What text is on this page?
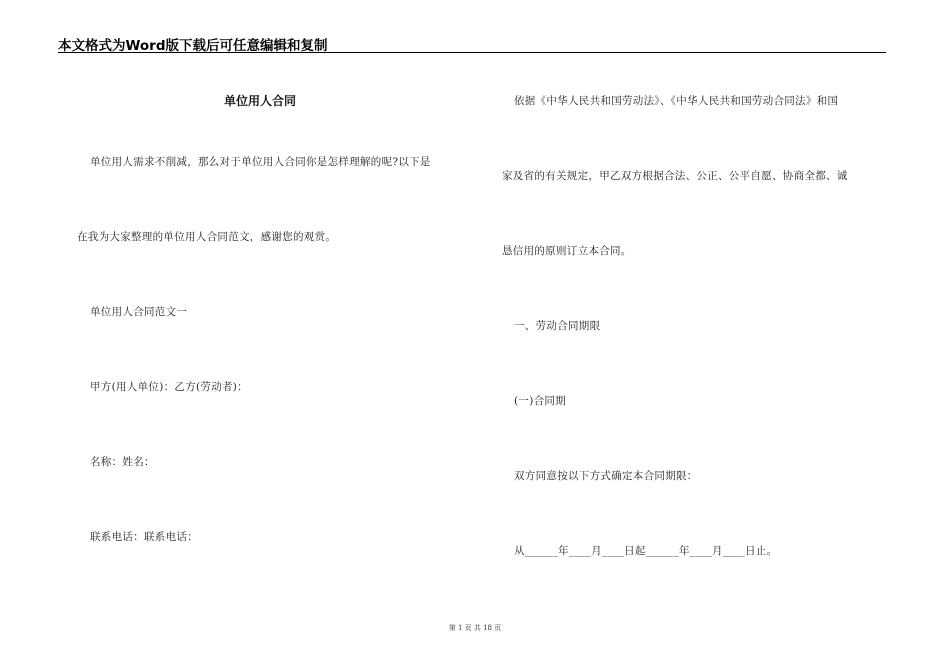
本文格式为Word版下载后可任意编辑和复制
单位用人合同
单位用人需求不削减，那么对于单位用人合同你是怎样理解的呢?以下是
在我为大家整理的单位用人合同范文，感谢您的观赏。
单位用人合同范文一
甲方(用人单位)：乙方(劳动者)：
名称：姓名：
联系电话：联系电话：
依据《中华人民共和国劳动法》、《中华人民共和国劳动合同法》和国
家及省的有关规定，甲乙双方根据合法、公正、公平自愿、协商全都、诚
恳信用的原则订立本合同。
一、劳动合同期限
(一)合同期
双方同意按以下方式确定本合同期限：
从______年____月____日起______年____月____日止。
第 1 页 共 18 页
